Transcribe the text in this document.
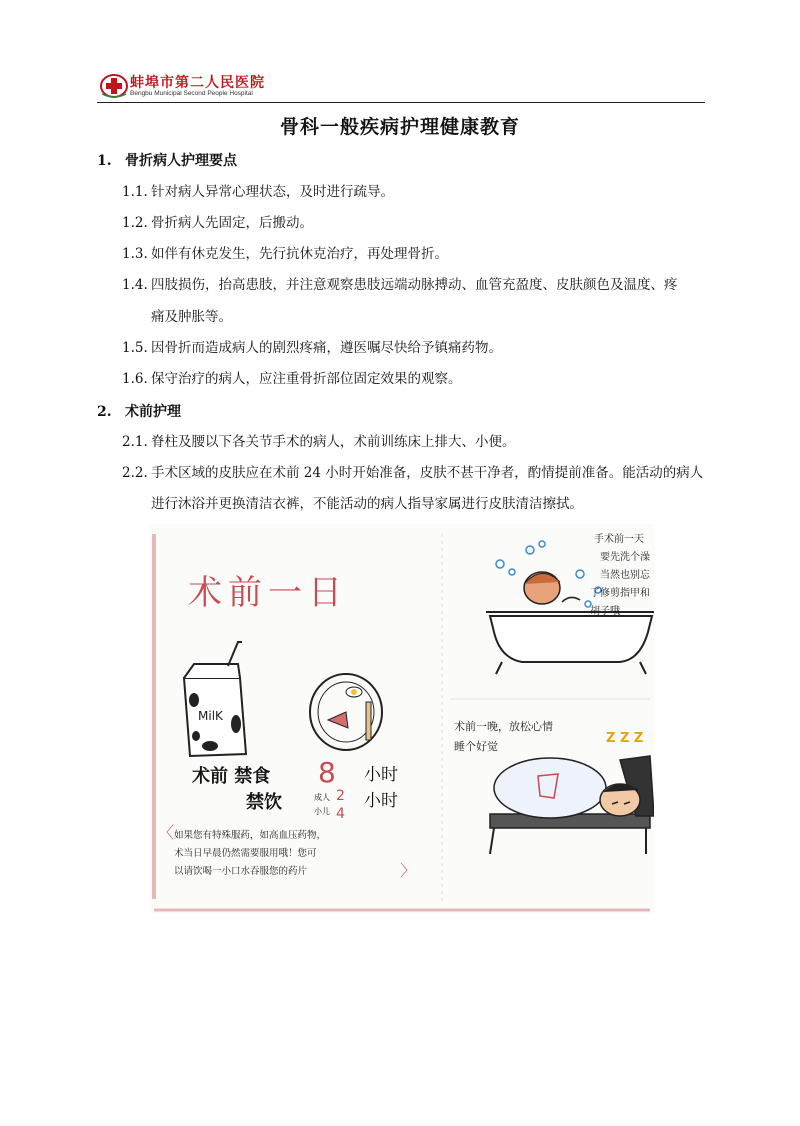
蚌埠市第二人民医院
Bengbu Municipal Second People Hospital
骨科一般疾病护理健康教育
1. 骨折病人护理要点
1.1. 针对病人异常心理状态，及时进行疏导。
1.2. 骨折病人先固定，后搬动。
1.3. 如伴有休克发生，先行抗休克治疗，再处理骨折。
1.4. 四肢损伤，抬高患肢，并注意观察患肢远端动脉搏动、血管充盈度、皮肤颜色及温度、疼
痛及肿胀等。
1.5. 因骨折而造成病人的剧烈疼痛，遵医嘱尽快给予镇痛药物。
1.6. 保守治疗的病人，应注重骨折部位固定效果的观察。
2. 术前护理
2.1. 脊柱及腰以下各关节手术的病人，术前训练床上排大、小便。
2.2. 手术区域的皮肤应在术前 24 小时开始准备，皮肤不甚干净者，酌情提前准备。能活动的病人
进行沐浴并更换清洁衣裤，不能活动的病人指导家属进行皮肤清洁擦拭。
术前一日
MilK
术前 禁食 8 小时
禁饮	成人
小儿
2
4
小时
〈 如果您有特殊服药，如高血压药物，
术当日早晨仍然需要服用哦！您可
以请饮喝一小口水吞服您的药片	〉
手术前一天
要先洗个澡
当然也别忘
了修剪指甲和
胡子哦
术前一晚，放松心情
睡个好觉
Z Z Z
